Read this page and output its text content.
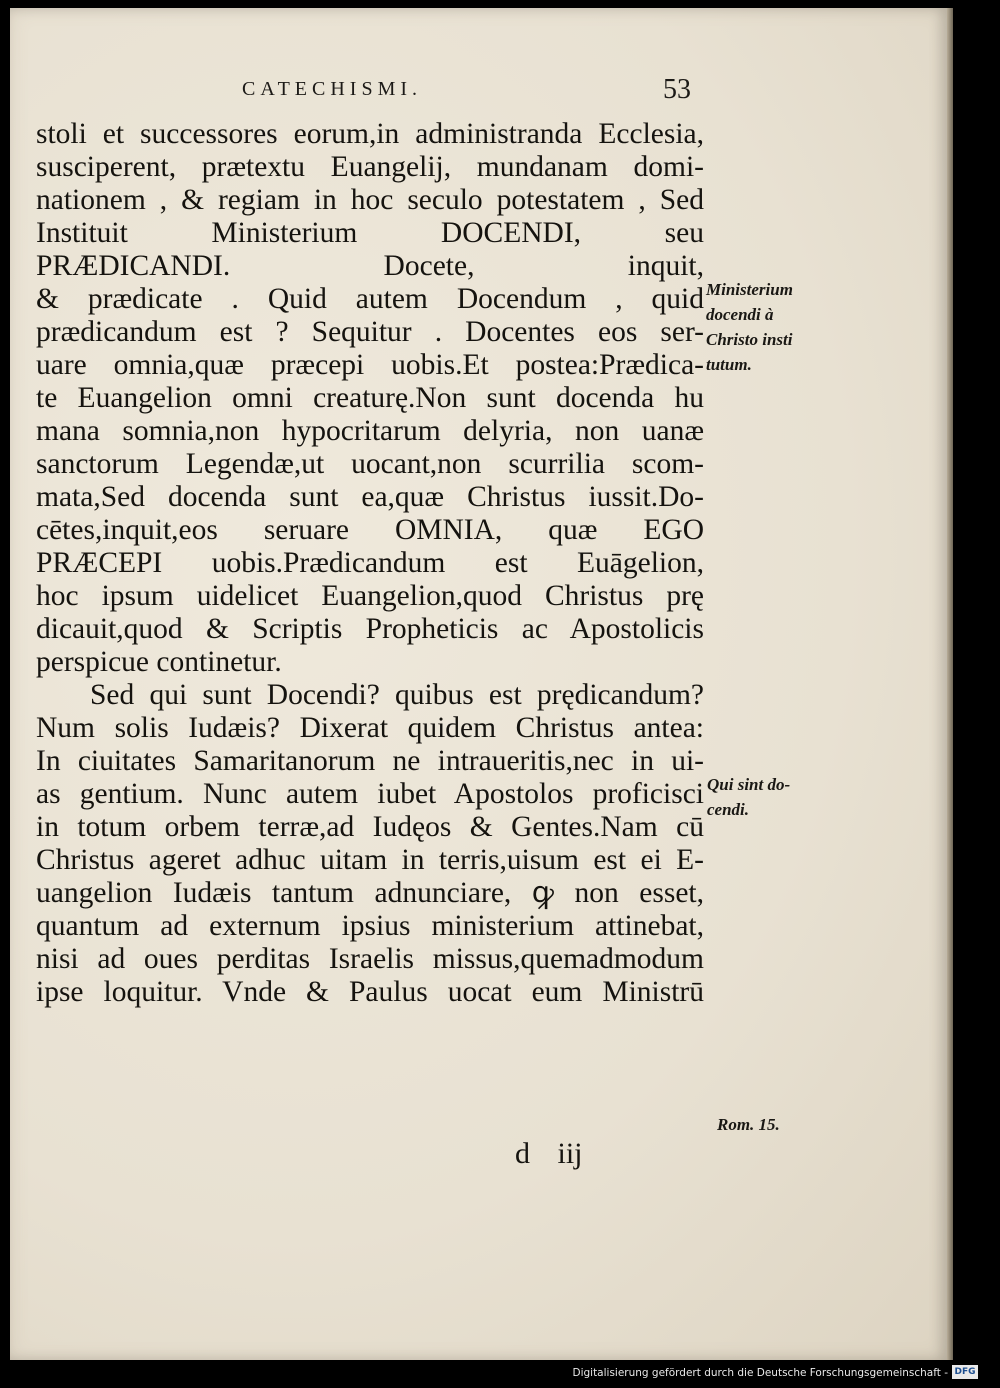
CATECHISMI.	53
stoli et successores eorum,in administranda Ecclesia,
susciperent, prætextu Euangelij, mundanam domi-
nationem , & regiam in hoc seculo potestatem , Sed
Instituit Ministerium DOCENDI, seu
PRÆDICANDI. Docete, inquit,
& prædicate . Quid autem Docendum , quid
prædicandum est ? Sequitur . Docentes eos ser-
uare omnia,quæ præcepi uobis.Et postea:Prædica-
te Euangelion omni creaturę.Non sunt docenda hu
mana somnia,non hypocritarum delyria, non uanæ
sanctorum Legendæ,ut uocant,non scurrilia scom-
mata,Sed docenda sunt ea,quæ Christus iussit.Do-
cētes,inquit,eos seruare OMNIA, quæ EGO
PRÆCEPI uobis.Prædicandum est Euāgelion,
hoc ipsum uidelicet Euangelion,quod Christus prę
dicauit,quod & Scriptis Propheticis ac Apostolicis
perspicue continetur.
Sed qui sunt Docendi? quibus est prędicandum?
Num solis Iudæis? Dixerat quidem Christus antea:
In ciuitates Samaritanorum ne intraueritis,nec in ui-
as gentium. Nunc autem iubet Apostolos proficisci
in totum orbem terræ,ad Iudęos & Gentes.Nam cū
Christus ageret adhuc uitam in terris,uisum est ei E-
uangelion Iudæis tantum adnunciare, ꝙ non esset,
quantum ad externum ipsius ministerium attinebat,
nisi ad oues perditas Israelis missus,quemadmodum
ipse loquitur. Vnde & Paulus uocat eum Ministrū
Ministerium
docendi à
Christo insti
tutum.
Qui sint do-
cendi.
Rom. 15.
d iij
Digitalisierung gefördert durch die Deutsche Forschungsgemeinschaft - DFG
